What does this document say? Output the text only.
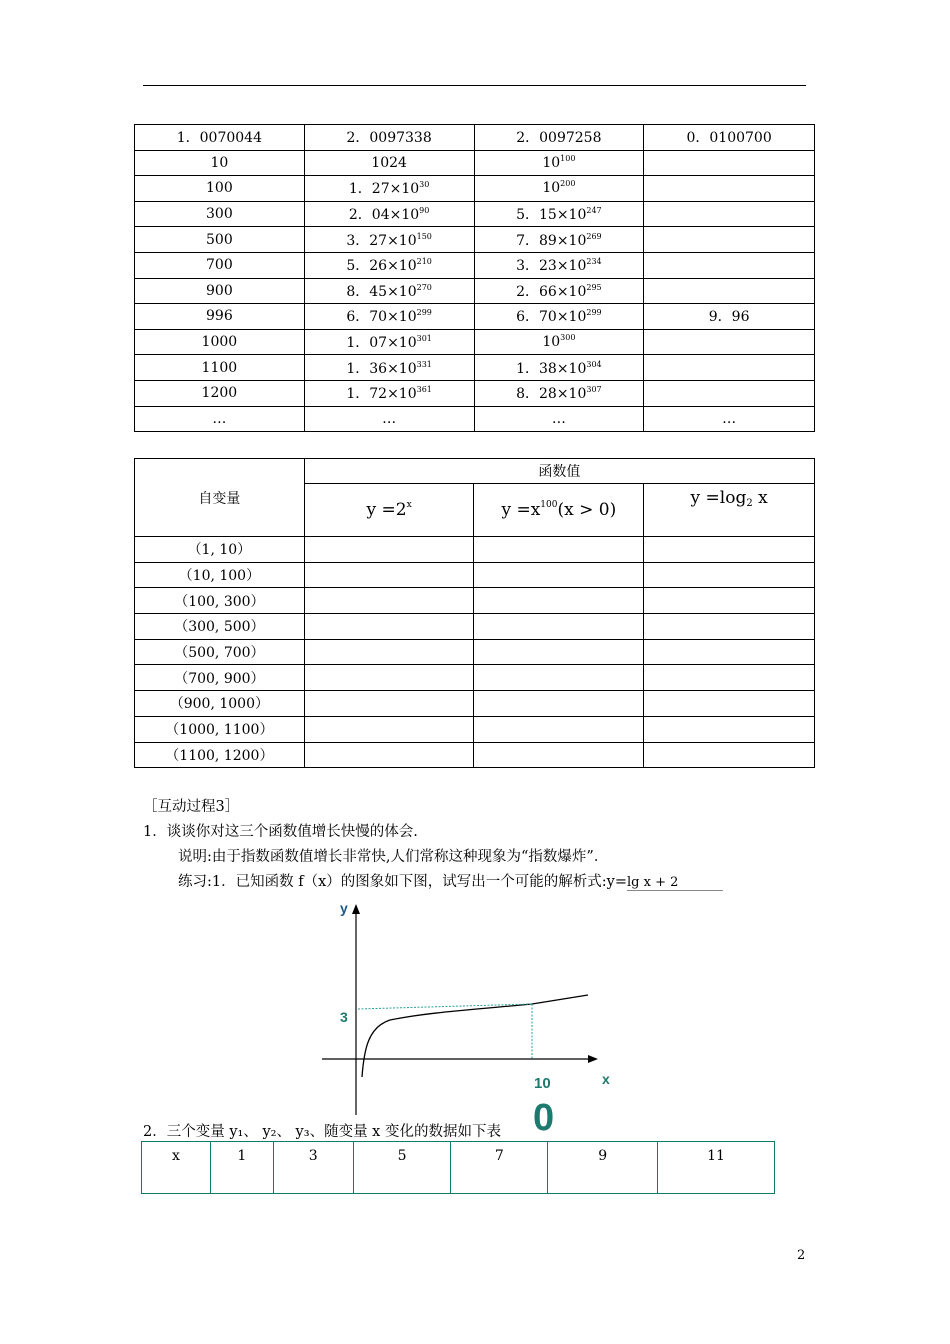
1．0070044	2．0097338	2．0097258	0．0100700
10	1024	$10^{100}$	
100	1．$27\times 10^{30}$	$10^{200}$	
300	2．$04\times 10^{90}$	5．$15\times 10^{247}$	
500	3．$27\times 10^{150}$	7．$89\times 10^{269}$	
700	5．$26\times 10^{210}$	3．$23\times 10^{234}$	
900	8．$45\times 10^{270}$	2．$66\times 10^{295}$	
996	6．$70\times 10^{299}$	6．$70\times 10^{299}$	9．96
1000	1．$07\times 10^{301}$	$10^{300}$	
1100	1．$36\times 10^{331}$	1．$38\times 10^{304}$	
1200	1．$72\times 10^{361}$	8．$28\times 10^{307}$	
…	…	…	…
自变量	函数值		
	$y =2^x$	$y =x^{100}(x > 0)$	$y =\log_2$ x
（1, 10）			
（10, 100）			
（100, 300）			
（300, 500）			
（500, 700）			
（700, 900）			
（900, 1000）			
（1000, 1100）			
（1100, 1200）			
［互动过程3］
1．谈谈你对这三个函数值增长快慢的体会.
说明:由于指数函数值增长非常快,人们常称这种现象为“指数爆炸”．
练习:1．已知函数 f（x）的图象如下图，试写出一个可能的解析式:y=lg x + 2
y
x
3
10
0
2．三个变量 y₁、 y₂、 y₃、随变量 x 变化的数据如下表
x	1	3	5	7	9	11
2
